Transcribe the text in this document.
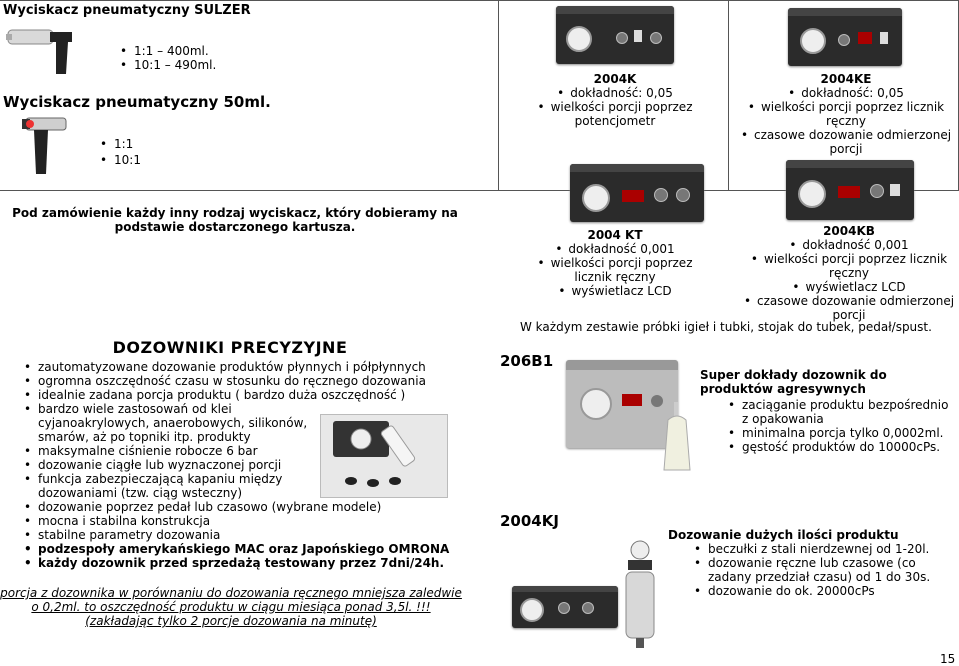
Wyciskacz pneumatyczny SULZER
• 1:1 – 400ml.
• 10:1 – 490ml.
Wyciskacz pneumatyczny 50ml.
• 1:1
• 10:1
2004K
• dokładność: 0,05
• wielkości porcji poprzez potencjometr
2004KE
• dokładność: 0,05
• wielkości porcji poprzez licznik ręczny
• czasowe dozowanie odmierzonej porcji
Pod zamówienie każdy inny rodzaj wyciskacz, który dobieramy na podstawie dostarczonego kartusza.
2004 KT
• dokładność 0,001
• wielkości porcji poprzez licznik ręczny
• wyświetlacz LCD
2004KB
• dokładność 0,001
• wielkości porcji poprzez licznik ręczny
• wyświetlacz LCD
• czasowe dozowanie odmierzonej porcji
W każdym zestawie próbki igieł i tubki, stojak do tubek, pedał/spust.
DOZOWNIKI PRECYZYJNE
• zautomatyzowane dozowanie produktów płynnych i półpłynnych
• ogromna oszczędność czasu w stosunku do ręcznego dozowania
• idealnie zadana porcja produktu ( bardzo duża oszczędność )
• bardzo wiele zastosowań od klei cyjanoakrylowych, anaerobowych, silikonów, smarów, aż po topniki itp. produkty
• maksymalne ciśnienie robocze 6 bar
• dozowanie ciągłe lub wyznaczonej porcji
• funkcja zabezpieczającą kapaniu między dozowaniami (tzw. ciąg wsteczny)
• dozowanie poprzez pedał lub czasowo (wybrane modele)
• mocna i stabilna konstrukcja
• stabilne parametry dozowania
• podzespoły amerykańskiego MAC oraz Japońskiego OMRONA
• każdy dozownik przed sprzedażą testowany przez 7dni/24h.
porcja z dozownika w porównaniu do dozowania ręcznego mniejsza zaledwie o 0,2ml. to oszczędność produktu w ciągu miesiąca ponad 3,5l. !!! (zakładając tylko 2 porcje dozowania na minutę)
206B1
Super dokłady dozownik do produktów agresywnych
• zaciąganie produktu bezpośrednio z opakowania
• minimalna porcja tylko 0,0002ml.
• gęstość produktów do 10000cPs.
2004KJ
Dozowanie dużych ilości produktu
• beczułki z stali nierdzewnej od 1-20l.
• dozowanie ręczne lub czasowe (co zadany przedział czasu) od 1 do 30s.
• dozowanie do ok. 20000cPs
15
